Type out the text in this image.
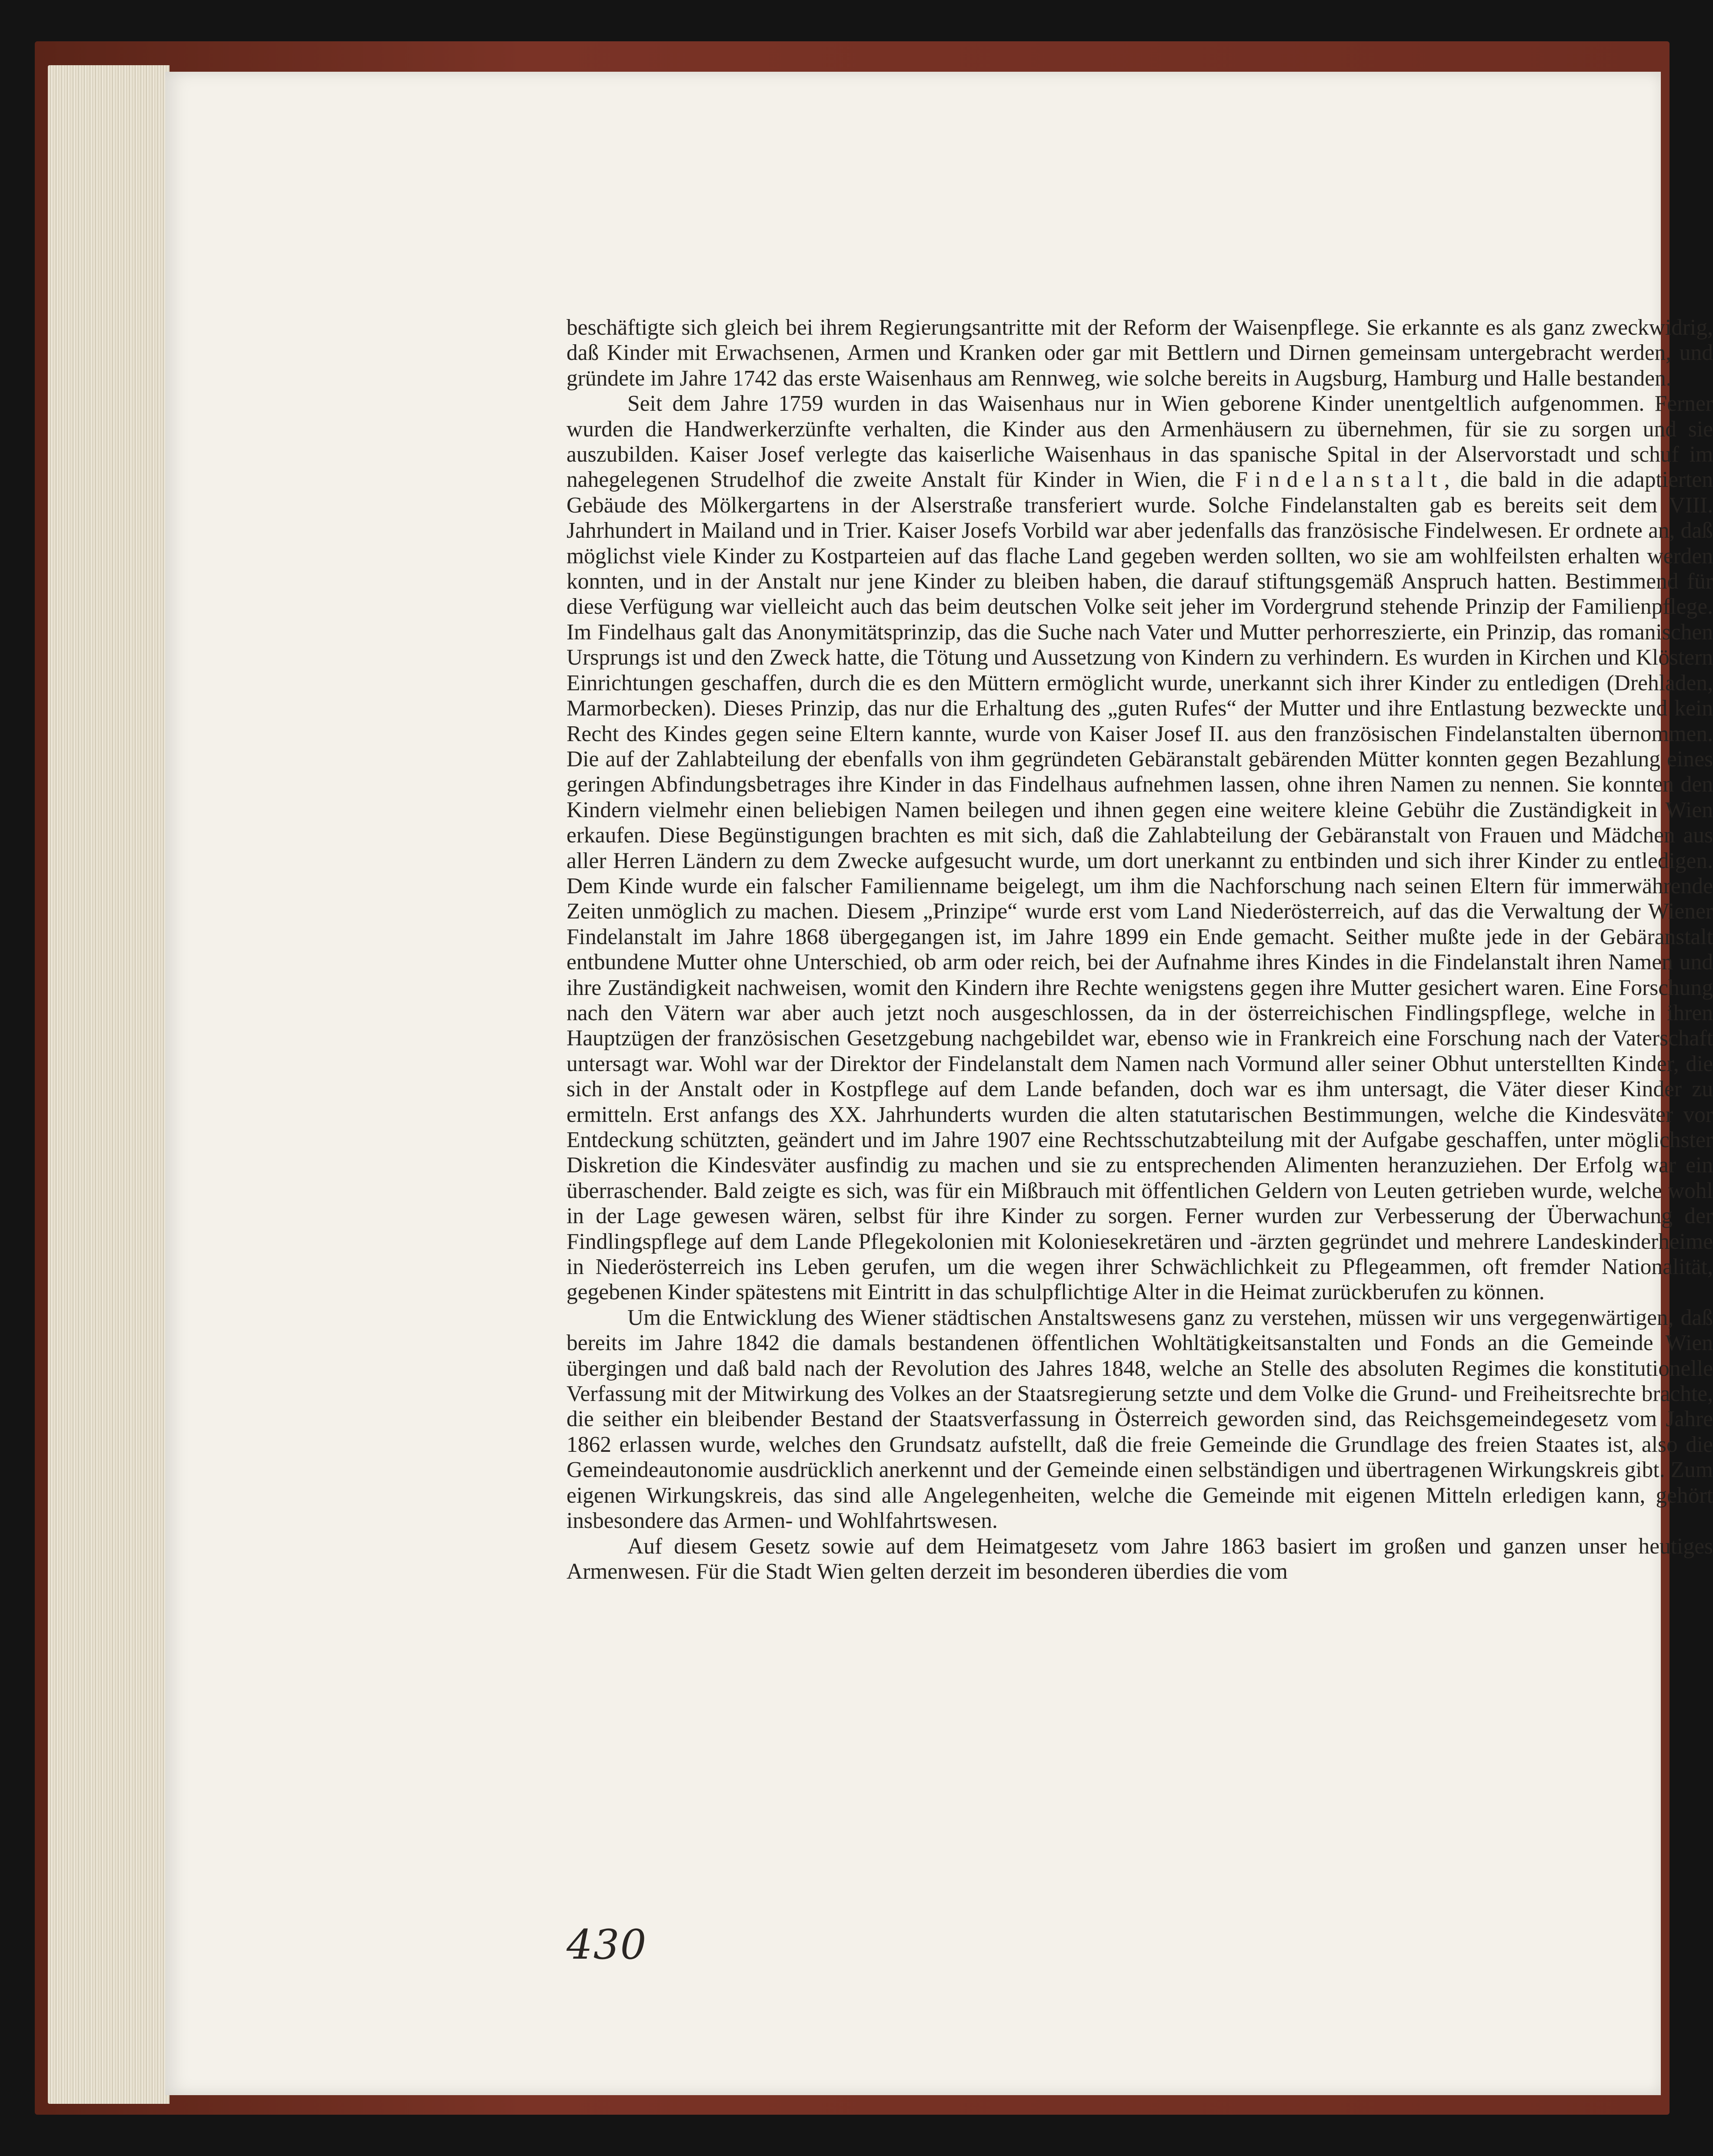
beschäftigte sich gleich bei ihrem Regierungsantritte mit der Reform der Waisenpflege. Sie erkannte es als ganz zweckwidrig, daß Kinder mit Erwachsenen, Armen und Kranken oder gar mit Bettlern und Dirnen gemeinsam untergebracht werden, und gründete im Jahre 1742 das erste Waisenhaus am Rennweg, wie solche bereits in Augsburg, Hamburg und Halle bestanden.

Seit dem Jahre 1759 wurden in das Waisenhaus nur in Wien geborene Kinder unentgeltlich aufgenommen. Ferner wurden die Handwerkerzünfte verhalten, die Kinder aus den Armenhäusern zu übernehmen, für sie zu sorgen und sie auszubilden. Kaiser Josef verlegte das kaiserliche Waisenhaus in das spanische Spital in der Alservorstadt und schuf im nahegelegenen Strudelhof die zweite Anstalt für Kinder in Wien, die Findelanstalt, die bald in die adaptierten Gebäude des Mölkergartens in der Alserstraße transferiert wurde. Solche Findelanstalten gab es bereits seit dem VIII. Jahrhundert in Mailand und in Trier. Kaiser Josefs Vorbild war aber jedenfalls das französische Findelwesen. Er ordnete an, daß möglichst viele Kinder zu Kostparteien auf das flache Land gegeben werden sollten, wo sie am wohlfeilsten erhalten werden konnten, und in der Anstalt nur jene Kinder zu bleiben haben, die darauf stiftungsgemäß Anspruch hatten. Bestimmend für diese Verfügung war vielleicht auch das beim deutschen Volke seit jeher im Vordergrund stehende Prinzip der Familienpflege. Im Findelhaus galt das Anonymitätsprinzip, das die Suche nach Vater und Mutter perhorreszierte, ein Prinzip, das romanischen Ursprungs ist und den Zweck hatte, die Tötung und Aussetzung von Kindern zu verhindern. Es wurden in Kirchen und Klöstern Einrichtungen geschaffen, durch die es den Müttern ermöglicht wurde, unerkannt sich ihrer Kinder zu entledigen (Drehladen, Marmorbecken). Dieses Prinzip, das nur die Erhaltung des „guten Rufes“ der Mutter und ihre Entlastung bezweckte und kein Recht des Kindes gegen seine Eltern kannte, wurde von Kaiser Josef II. aus den französischen Findelanstalten übernommen. Die auf der Zahlabteilung der ebenfalls von ihm gegründeten Gebäranstalt gebärenden Mütter konnten gegen Bezahlung eines geringen Abfindungsbetrages ihre Kinder in das Findelhaus aufnehmen lassen, ohne ihren Namen zu nennen. Sie konnten den Kindern vielmehr einen beliebigen Namen beilegen und ihnen gegen eine weitere kleine Gebühr die Zuständigkeit in Wien erkaufen. Diese Begünstigungen brachten es mit sich, daß die Zahlabteilung der Gebäranstalt von Frauen und Mädchen aus aller Herren Ländern zu dem Zwecke aufgesucht wurde, um dort unerkannt zu entbinden und sich ihrer Kinder zu entledigen. Dem Kinde wurde ein falscher Familienname beigelegt, um ihm die Nachforschung nach seinen Eltern für immerwährende Zeiten unmöglich zu machen. Diesem „Prinzipe“ wurde erst vom Land Niederösterreich, auf das die Verwaltung der Wiener Findelanstalt im Jahre 1868 übergegangen ist, im Jahre 1899 ein Ende gemacht. Seither mußte jede in der Gebäranstalt entbundene Mutter ohne Unterschied, ob arm oder reich, bei der Aufnahme ihres Kindes in die Findelanstalt ihren Namen und ihre Zuständigkeit nachweisen, womit den Kindern ihre Rechte wenigstens gegen ihre Mutter gesichert waren. Eine Forschung nach den Vätern war aber auch jetzt noch ausgeschlossen, da in der österreichischen Findlingspflege, welche in ihren Hauptzügen der französischen Gesetzgebung nachgebildet war, ebenso wie in Frankreich eine Forschung nach der Vaterschaft untersagt war. Wohl war der Direktor der Findelanstalt dem Namen nach Vormund aller seiner Obhut unterstellten Kinder, die sich in der Anstalt oder in Kostpflege auf dem Lande befanden, doch war es ihm untersagt, die Väter dieser Kinder zu ermitteln. Erst anfangs des XX. Jahrhunderts wurden die alten statutarischen Bestimmungen, welche die Kindesväter vor Entdeckung schützten, geändert und im Jahre 1907 eine Rechtsschutzabteilung mit der Aufgabe geschaffen, unter möglichster Diskretion die Kindesväter ausfindig zu machen und sie zu entsprechenden Alimenten heranzuziehen. Der Erfolg war ein überraschender. Bald zeigte es sich, was für ein Mißbrauch mit öffentlichen Geldern von Leuten getrieben wurde, welche wohl in der Lage gewesen wären, selbst für ihre Kinder zu sorgen. Ferner wurden zur Verbesserung der Überwachung der Findlingspflege auf dem Lande Pflegekolonien mit Koloniesekretären und -ärzten gegründet und mehrere Landeskinderheime in Niederösterreich ins Leben gerufen, um die wegen ihrer Schwächlichkeit zu Pflegeammen, oft fremder Nationalität, gegebenen Kinder spätestens mit Eintritt in das schulpflichtige Alter in die Heimat zurückberufen zu können.

Um die Entwicklung des Wiener städtischen Anstaltswesens ganz zu verstehen, müssen wir uns vergegenwärtigen, daß bereits im Jahre 1842 die damals bestandenen öffentlichen Wohltätigkeitsanstalten und Fonds an die Gemeinde Wien übergingen und daß bald nach der Revolution des Jahres 1848, welche an Stelle des absoluten Regimes die konstitutionelle Verfassung mit der Mitwirkung des Volkes an der Staatsregierung setzte und dem Volke die Grund- und Freiheitsrechte brachte, die seither ein bleibender Bestand der Staatsverfassung in Österreich geworden sind, das Reichsgemeindegesetz vom Jahre 1862 erlassen wurde, welches den Grundsatz aufstellt, daß die freie Gemeinde die Grundlage des freien Staates ist, also die Gemeindeautonomie ausdrücklich anerkennt und der Gemeinde einen selbständigen und übertragenen Wirkungskreis gibt. Zum eigenen Wirkungskreis, das sind alle Angelegenheiten, welche die Gemeinde mit eigenen Mitteln erledigen kann, gehört insbesondere das Armen- und Wohlfahrtswesen.

Auf diesem Gesetz sowie auf dem Heimatgesetz vom Jahre 1863 basiert im großen und ganzen unser heutiges Armenwesen. Für die Stadt Wien gelten derzeit im besonderen überdies die vom

430
